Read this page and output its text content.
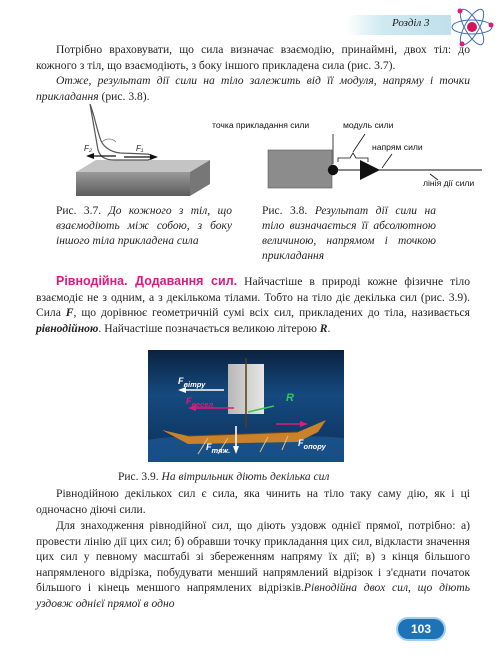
Розділ 3
Потрібно враховувати, що сила визначає взаємодію, принаймні, двох тіл: до кожного з тіл, що взаємодіють, з боку іншого прикладена сила (рис. 3.7).
Отже, результат дії сили на тіло залежить від її модуля, напряму і точки прикладання (рис. 3.8).
F₂	F₁
точка прикладання сили	модуль сили
напрям сили
лінія дії сили
Рис. 3.7. До кожного з тіл, що взаємодіють між собою, з боку іншого тіла прикладена сила
Рис. 3.8. Результат дії сили на тіло визначається її абсолютною величиною, напрямом і точкою прикладання
Рівнодійна. Додавання сил. Найчастіше в природі кожне фізичне тіло взаємодіє не з одним, а з декількома тілами. Тобто на тіло діє декілька сил (рис. 3.9). Сила F, що дорівнює геометричній сумі всіх сил, прикладених до тіла, називається рівнодійною. Найчастіше позначається великою літерою R.
$F_{вітру}$
$F_{весел}$
R
$F_{тяж.}$
$F_{опору}$
Рис. 3.9. На вітрильник діють декілька сил
Рівнодійною декількох сил є сила, яка чинить на тіло таку саму дію, як і ці одночасно діючі сили.
Для знаходження рівнодійної сил, що діють уздовж однієї прямої, потрібно: а) провести лінію дії цих сил; б) обравши точку прикладання цих сил, відкласти значення цих сил у певному масштабі зі збереженням напряму їх дії; в) з кінця більшого напрямленого відрізка, побудувати менший напрямлений відрізок і з'єднати початок більшого і кінець меншого напрямлених відрізків.Рівнодійна двох сил, що діють уздовж однієї прямої в одно
103
